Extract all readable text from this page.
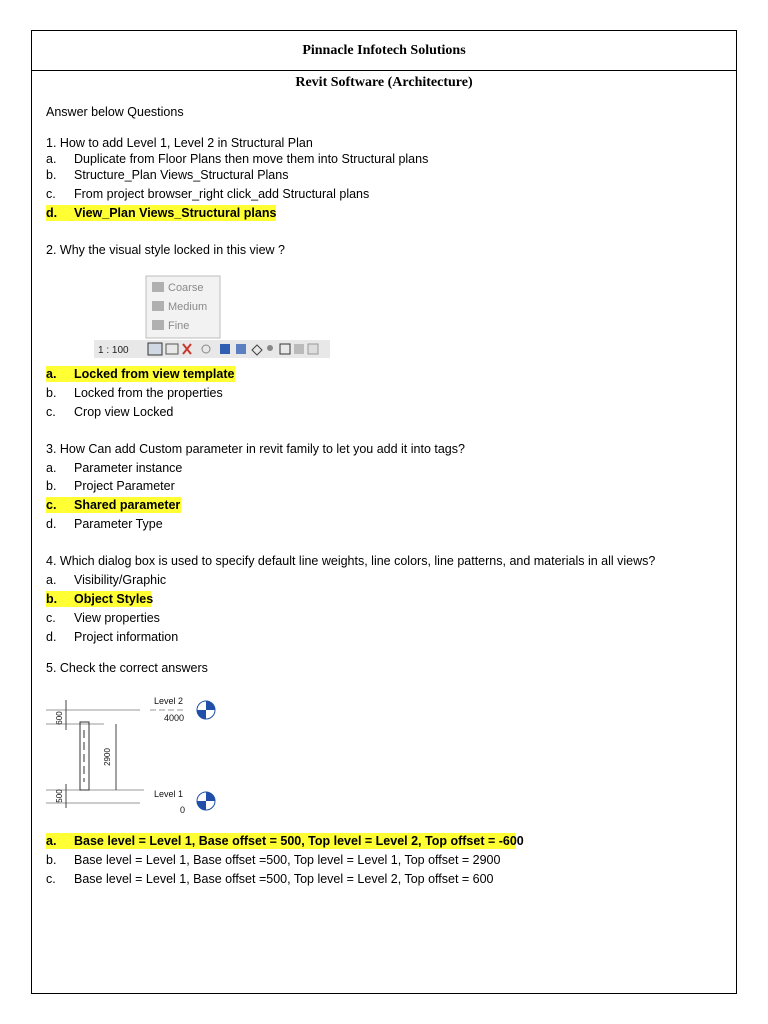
Pinnacle Infotech Solutions
Revit Software (Architecture)
Answer below Questions
1. How to add Level 1, Level 2 in Structural Plan
a. Duplicate from Floor Plans then move them into Structural plans
b. Structure_Plan Views_Structural Plans
c. From project browser_right click_add Structural plans
d. View_Plan Views_Structural plans
2. Why the visual style locked in this view ?
Coarse
Medium
Fine
1 : 100
a. Locked from view template
b. Locked from the properties
c. Crop view Locked
3. How Can add Custom parameter in revit family to let you add it into tags?
a. Parameter instance
b. Project Parameter
c. Shared parameter
d. Parameter Type
4. Which dialog box is used to specify default line weights, line colors, line patterns, and materials in all views?
a. Visibility/Graphic
b. Object Styles
c. View properties
d. Project information
5. Check the correct answers
600
2900
500
Level 2
4000
Level 1
0
a. Base level = Level 1, Base offset = 500, Top level = Level 2, Top offset = -600
b. Base level = Level 1, Base offset =500, Top level = Level 1, Top offset = 2900
c. Base level = Level 1, Base offset =500, Top level = Level 2, Top offset = 600
